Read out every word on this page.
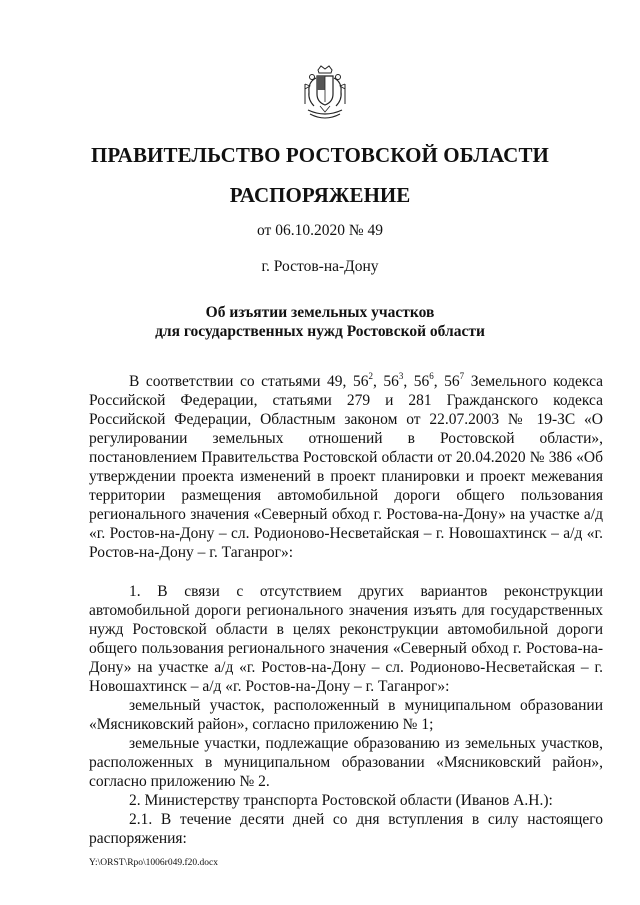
ПРАВИТЕЛЬСТВО РОСТОВСКОЙ ОБЛАСТИ
РАСПОРЯЖЕНИЕ
от 06.10.2020 № 49
г. Ростов-на-Дону
Об изъятии земельных участков
для государственных нужд Ростовской области

В соответствии со статьями 49, $56^2$, $56^3$, $56^6$, $56^7$ Земельного кодекса Российской Федерации, статьями 279 и 281 Гражданского кодекса Российской Федерации, Областным законом от 22.07.2003 № 19-ЗС «О регулировании земельных отношений в Ростовской области», постановлением Правительства Ростовской области от 20.04.2020 № 386 «Об утверждении проекта изменений в проект планировки и проект межевания территории размещения автомобильной дороги общего пользования регионального значения «Северный обход г. Ростова-на-Дону» на участке а/д «г. Ростов-на-Дону – сл. Родионово-Несветайская – г. Новошахтинск – а/д «г. Ростов-на-Дону – г. Таганрог»:

1. В связи с отсутствием других вариантов реконструкции автомобильной дороги регионального значения изъять для государственных нужд Ростовской области в целях реконструкции автомобильной дороги общего пользования регионального значения «Северный обход г. Ростова-на-Дону» на участке а/д «г. Ростов-на-Дону – сл. Родионово-Несветайская – г. Новошахтинск – а/д «г. Ростов-на-Дону – г. Таганрог»:

земельный участок, расположенный в муниципальном образовании «Мясниковский район», согласно приложению № 1;

земельные участки, подлежащие образованию из земельных участков, расположенных в муниципальном образовании «Мясниковский район», согласно приложению № 2.

2. Министерству транспорта Ростовской области (Иванов А.Н.):

2.1. В течение десяти дней со дня вступления в силу настоящего распоряжения:

Y:\ORST\Rpo\1006r049.f20.docx
